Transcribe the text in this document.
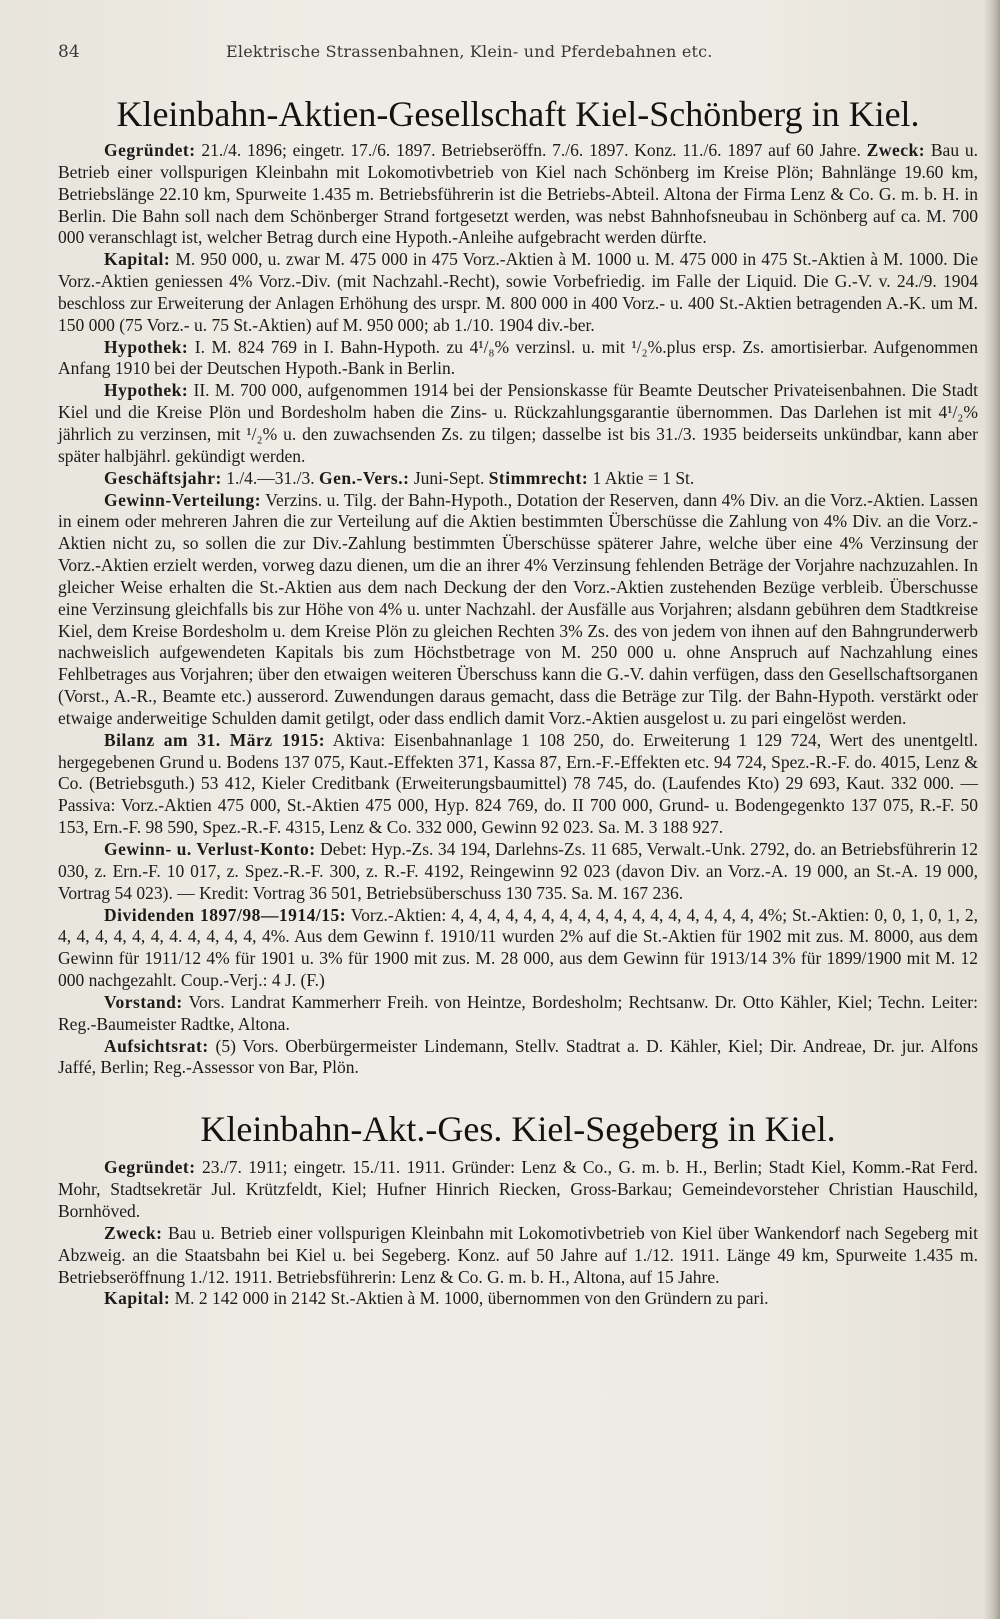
84	Elektrische Strassenbahnen, Klein- und Pferdebahnen etc.
Kleinbahn-Aktien-Gesellschaft Kiel-Schönberg in Kiel.

Gegründet: 21./4. 1896; eingetr. 17./6. 1897. Betriebseröffn. 7./6. 1897. Konz. 11./6. 1897 auf 60 Jahre. Zweck: Bau u. Betrieb einer vollspurigen Kleinbahn mit Lokomotivbetrieb von Kiel nach Schönberg im Kreise Plön; Bahnlänge 19.60 km, Betriebslänge 22.10 km, Spurweite 1.435 m. Betriebsführerin ist die Betriebs-Abteil. Altona der Firma Lenz & Co. G. m. b. H. in Berlin. Die Bahn soll nach dem Schönberger Strand fortgesetzt werden, was nebst Bahnhofsneubau in Schönberg auf ca. M. 700 000 veranschlagt ist, welcher Betrag durch eine Hypoth.-Anleihe aufgebracht werden dürfte.

Kapital: M. 950 000, u. zwar M. 475 000 in 475 Vorz.-Aktien à M. 1000 u. M. 475 000 in 475 St.-Aktien à M. 1000. Die Vorz.-Aktien geniessen 4% Vorz.-Div. (mit Nachzahl.-Recht), sowie Vorbefriedig. im Falle der Liquid. Die G.-V. v. 24./9. 1904 beschloss zur Erweiterung der Anlagen Erhöhung des urspr. M. 800 000 in 400 Vorz.- u. 400 St.-Aktien betragenden A.-K. um M. 150 000 (75 Vorz.- u. 75 St.-Aktien) auf M. 950 000; ab 1./10. 1904 div.-ber.

Hypothek: I. M. 824 769 in I. Bahn-Hypoth. zu 4¹/₈% verzinsl. u. mit ¹/₂%.plus ersp. Zs. amortisierbar. Aufgenommen Anfang 1910 bei der Deutschen Hypoth.-Bank in Berlin.

Hypothek: II. M. 700 000, aufgenommen 1914 bei der Pensionskasse für Beamte Deutscher Privateisenbahnen. Die Stadt Kiel und die Kreise Plön und Bordesholm haben die Zins- u. Rückzahlungsgarantie übernommen. Das Darlehen ist mit 4¹/₂% jährlich zu verzinsen, mit ¹/₂% u. den zuwachsenden Zs. zu tilgen; dasselbe ist bis 31./3. 1935 beiderseits unkündbar, kann aber später halbjährl. gekündigt werden.

Geschäftsjahr: 1./4.—31./3. Gen.-Vers.: Juni-Sept. Stimmrecht: 1 Aktie = 1 St.

Gewinn-Verteilung: Verzins. u. Tilg. der Bahn-Hypoth., Dotation der Reserven, dann 4% Div. an die Vorz.-Aktien. Lassen in einem oder mehreren Jahren die zur Verteilung auf die Aktien bestimmten Überschüsse die Zahlung von 4% Div. an die Vorz.-Aktien nicht zu, so sollen die zur Div.-Zahlung bestimmten Überschüsse späterer Jahre, welche über eine 4% Verzinsung der Vorz.-Aktien erzielt werden, vorweg dazu dienen, um die an ihrer 4% Verzinsung fehlenden Beträge der Vorjahre nachzuzahlen. In gleicher Weise erhalten die St.-Aktien aus dem nach Deckung der den Vorz.-Aktien zustehenden Bezüge verbleib. Überschusse eine Verzinsung gleichfalls bis zur Höhe von 4% u. unter Nachzahl. der Ausfälle aus Vorjahren; alsdann gebühren dem Stadtkreise Kiel, dem Kreise Bordesholm u. dem Kreise Plön zu gleichen Rechten 3% Zs. des von jedem von ihnen auf den Bahngrunderwerb nachweislich aufgewendeten Kapitals bis zum Höchstbetrage von M. 250 000 u. ohne Anspruch auf Nachzahlung eines Fehlbetrages aus Vorjahren; über den etwaigen weiteren Überschuss kann die G.-V. dahin verfügen, dass den Gesellschaftsorganen (Vorst., A.-R., Beamte etc.) ausserord. Zuwendungen daraus gemacht, dass die Beträge zur Tilg. der Bahn-Hypoth. verstärkt oder etwaige anderweitige Schulden damit getilgt, oder dass endlich damit Vorz.-Aktien ausgelost u. zu pari eingelöst werden.

Bilanz am 31. März 1915: Aktiva: Eisenbahnanlage 1 108 250, do. Erweiterung 1 129 724, Wert des unentgeltl. hergegebenen Grund u. Bodens 137 075, Kaut.-Effekten 371, Kassa 87, Ern.-F.-Effekten etc. 94 724, Spez.-R.-F. do. 4015, Lenz & Co. (Betriebsguth.) 53 412, Kieler Creditbank (Erweiterungsbaumittel) 78 745, do. (Laufendes Kto) 29 693, Kaut. 332 000. — Passiva: Vorz.-Aktien 475 000, St.-Aktien 475 000, Hyp. 824 769, do. II 700 000, Grund- u. Bodengegenkto 137 075, R.-F. 50 153, Ern.-F. 98 590, Spez.-R.-F. 4315, Lenz & Co. 332 000, Gewinn 92 023. Sa. M. 3 188 927.

Gewinn- u. Verlust-Konto: Debet: Hyp.-Zs. 34 194, Darlehns-Zs. 11 685, Verwalt.-Unk. 2792, do. an Betriebsführerin 12 030, z. Ern.-F. 10 017, z. Spez.-R.-F. 300, z. R.-F. 4192, Reingewinn 92 023 (davon Div. an Vorz.-A. 19 000, an St.-A. 19 000, Vortrag 54 023). — Kredit: Vortrag 36 501, Betriebsüberschuss 130 735. Sa. M. 167 236.

Dividenden 1897/98—1914/15: Vorz.-Aktien: 4, 4, 4, 4, 4, 4, 4, 4, 4, 4, 4, 4, 4, 4, 4, 4, 4, 4%; St.-Aktien: 0, 0, 1, 0, 1, 2, 4, 4, 4, 4, 4, 4, 4. 4, 4, 4, 4, 4%. Aus dem Gewinn f. 1910/11 wurden 2% auf die St.-Aktien für 1902 mit zus. M. 8000, aus dem Gewinn für 1911/12 4% für 1901 u. 3% für 1900 mit zus. M. 28 000, aus dem Gewinn für 1913/14 3% für 1899/1900 mit M. 12 000 nachgezahlt. Coup.-Verj.: 4 J. (F.)

Vorstand: Vors. Landrat Kammerherr Freih. von Heintze, Bordesholm; Rechtsanw. Dr. Otto Kähler, Kiel; Techn. Leiter: Reg.-Baumeister Radtke, Altona.

Aufsichtsrat: (5) Vors. Oberbürgermeister Lindemann, Stellv. Stadtrat a. D. Kähler, Kiel; Dir. Andreae, Dr. jur. Alfons Jaffé, Berlin; Reg.-Assessor von Bar, Plön.

Kleinbahn-Akt.-Ges. Kiel-Segeberg in Kiel.

Gegründet: 23./7. 1911; eingetr. 15./11. 1911. Gründer: Lenz & Co., G. m. b. H., Berlin; Stadt Kiel, Komm.-Rat Ferd. Mohr, Stadtsekretär Jul. Krützfeldt, Kiel; Hufner Hinrich Riecken, Gross-Barkau; Gemeindevorsteher Christian Hauschild, Bornhöved.

Zweck: Bau u. Betrieb einer vollspurigen Kleinbahn mit Lokomotivbetrieb von Kiel über Wankendorf nach Segeberg mit Abzweig. an die Staatsbahn bei Kiel u. bei Segeberg. Konz. auf 50 Jahre auf 1./12. 1911. Länge 49 km, Spurweite 1.435 m. Betriebseröffnung 1./12. 1911. Betriebsführerin: Lenz & Co. G. m. b. H., Altona, auf 15 Jahre.

Kapital: M. 2 142 000 in 2142 St.-Aktien à M. 1000, übernommen von den Gründern zu pari.
